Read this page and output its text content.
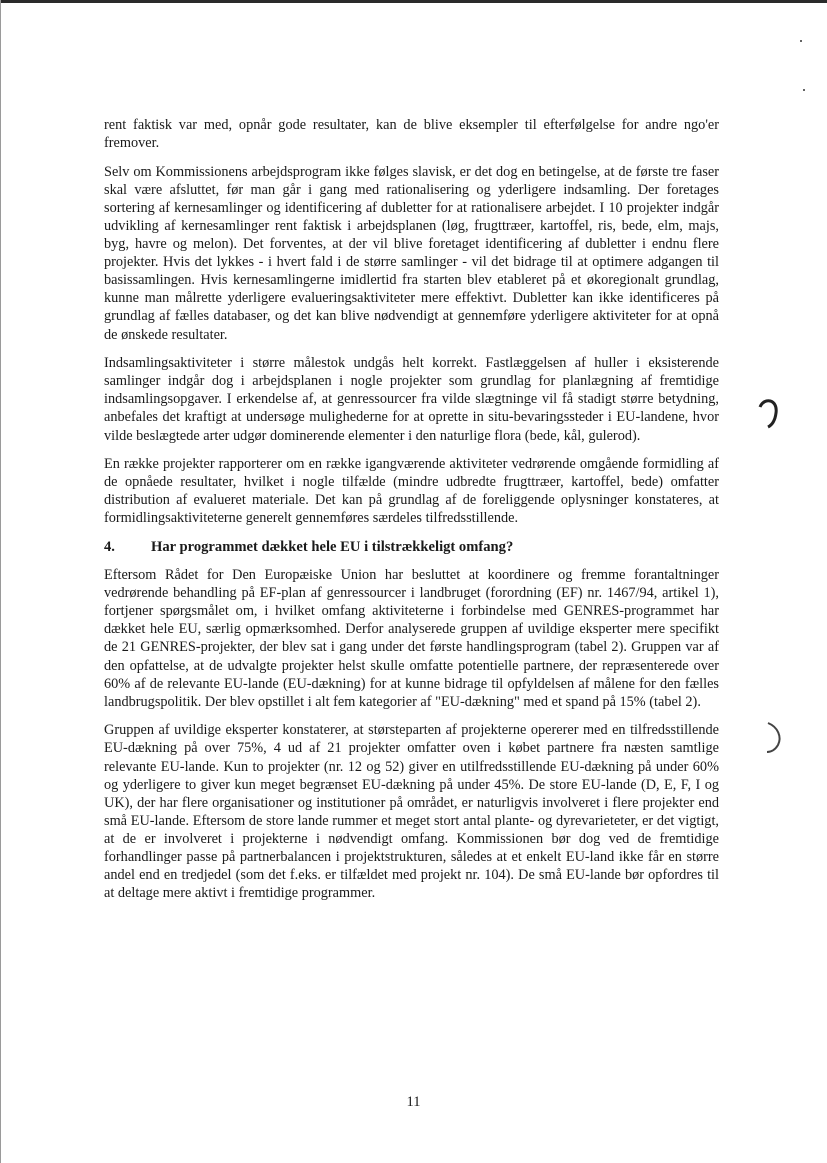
rent faktisk var med, opnår gode resultater, kan de blive eksempler til efterfølgelse for andre ngo'er fremover.

Selv om Kommissionens arbejdsprogram ikke følges slavisk, er det dog en betingelse, at de første tre faser skal være afsluttet, før man går i gang med rationalisering og yderligere indsamling. Der foretages sortering af kernesamlinger og identificering af dubletter for at rationalisere arbejdet. I 10 projekter indgår udvikling af kernesamlinger rent faktisk i arbejdsplanen (løg, frugttræer, kartoffel, ris, bede, elm, majs, byg, havre og melon). Det forventes, at der vil blive foretaget identificering af dubletter i endnu flere projekter. Hvis det lykkes - i hvert fald i de større samlinger - vil det bidrage til at optimere adgangen til basissamlingen. Hvis kernesamlingerne imidlertid fra starten blev etableret på et økoregionalt grundlag, kunne man målrette yderligere evalueringsaktiviteter mere effektivt. Dubletter kan ikke identificeres på grundlag af fælles databaser, og det kan blive nødvendigt at gennemføre yderligere aktiviteter for at opnå de ønskede resultater.

Indsamlingsaktiviteter i større målestok undgås helt korrekt. Fastlæggelsen af huller i eksisterende samlinger indgår dog i arbejdsplanen i nogle projekter som grundlag for planlægning af fremtidige indsamlingsopgaver. I erkendelse af, at genressourcer fra vilde slægtninge vil få stadigt større betydning, anbefales det kraftigt at undersøge mulighederne for at oprette in situ-bevaringssteder i EU-landene, hvor vilde beslægtede arter udgør dominerende elementer i den naturlige flora (bede, kål, gulerod).

En række projekter rapporterer om en række igangværende aktiviteter vedrørende omgående formidling af de opnåede resultater, hvilket i nogle tilfælde (mindre udbredte frugttræer, kartoffel, bede) omfatter distribution af evalueret materiale. Det kan på grundlag af de foreliggende oplysninger konstateres, at formidlingsaktiviteterne generelt gennemføres særdeles tilfredsstillende.

4. Har programmet dækket hele EU i tilstrækkeligt omfang?

Eftersom Rådet for Den Europæiske Union har besluttet at koordinere og fremme forantaltninger vedrørende behandling på EF-plan af genressourcer i landbruget (forordning (EF) nr. 1467/94, artikel 1), fortjener spørgsmålet om, i hvilket omfang aktiviteterne i forbindelse med GENRES-programmet har dækket hele EU, særlig opmærksomhed. Derfor analyserede gruppen af uvildige eksperter mere specifikt de 21 GENRES-projekter, der blev sat i gang under det første handlingsprogram (tabel 2). Gruppen var af den opfattelse, at de udvalgte projekter helst skulle omfatte potentielle partnere, der repræsenterede over 60% af de relevante EU-lande (EU-dækning) for at kunne bidrage til opfyldelsen af målene for den fælles landbrugspolitik. Der blev opstillet i alt fem kategorier af "EU-dækning" med et spand på 15% (tabel 2).

Gruppen af uvildige eksperter konstaterer, at størsteparten af projekterne opererer med en tilfredsstillende EU-dækning på over 75%, 4 ud af 21 projekter omfatter oven i købet partnere fra næsten samtlige relevante EU-lande. Kun to projekter (nr. 12 og 52) giver en utilfredsstillende EU-dækning på under 60% og yderligere to giver kun meget begrænset EU-dækning på under 45%. De store EU-lande (D, E, F, I og UK), der har flere organisationer og institutioner på området, er naturligvis involveret i flere projekter end små EU-lande. Eftersom de store lande rummer et meget stort antal plante- og dyrevarieteter, er det vigtigt, at de er involveret i projekterne i nødvendigt omfang. Kommissionen bør dog ved de fremtidige forhandlinger passe på partnerbalancen i projektstrukturen, således at et enkelt EU-land ikke får en større andel end en tredjedel (som det f.eks. er tilfældet med projekt nr. 104). De små EU-lande bør opfordres til at deltage mere aktivt i fremtidige programmer.

11
